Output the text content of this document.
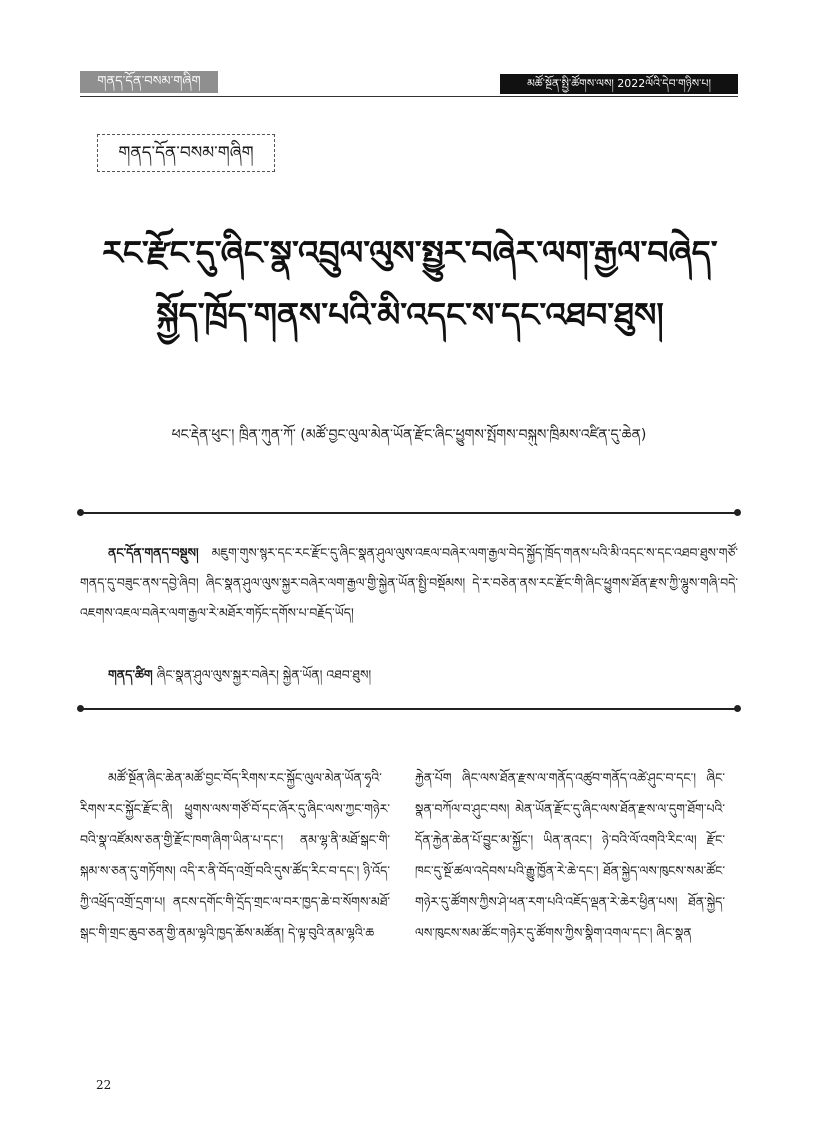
གནད་དོན་བསམ་གཞིག	མཚོ་སྔོན་སྤྱི་ཚོགས་ལས། 2022ལོའི་དེབ་གཉིས་པ།
གནད་དོན་བསམ་གཞིག
རང་རྫོང་དུ་ཞིང་སྣ་འབྲུལ་ལུས་སྤྱུར་བཞེར་ལག་རྒྱལ་བཞེད་སྐྱོད་ཁྲོད་གནས་པའི་མི་འདང་ས་དང་འཐབ་ཐུས།

ཕང་རྡེན་ཕུང་། ཁྲིན་ཀུན་ཀོ་ (མཚོ་བྱང་ལུལ་མེན་ཡོན་རྫོང་ཞིང་ཕྱུགས་སྤོགས་བསྐུས་ཁྲིམས་འཛིན་དུ་ཆེན)

ནང་དོན་གནད་བསྡུས། མཇུག་གུས་སྙར་དང་རང་རྫོང་དུ་ཞིང་སྣན་ཤུལ་ལུས་འཇལ་བཞེར་ལག་རྒྱལ་བེད་སྐྱོད་ཁྲོད་གནས་པའི་མི་འདང་ས་དང་འཐབ་ཐུས་གཙོ་གནད་དུ་བཟུང་ནས་དབྱེ་ཞིབ། ཞིང་སྣན་ཤུལ་ལུས་སྐྱར་བཞེར་ལག་རྒྱལ་གྱི་སྐྱེན་ཡོན་སྤྱི་བསྡོམས། དེ་ར་བཅེན་ནས་རང་རྫོང་གི་ཞིང་ཕྱུགས་ཐོན་རྫས་ཀྱི་ལྷུས་གཞི་བདེ་འཇགས་འཇལ་བཞེར་ལག་རྒྱལ་རེ་མཐོར་གཏོང་དགོས་པ་བརྗོད་ཡོད།

གནད་ཚིག ཞིང་སྣན་ཤུལ་ལུས་སྐྱར་བཞེར། སྐྱེན་ཡོན། འཐབ་ཐུས།

མཚོ་སྔོན་ཞིང་ཆེན་མཚོ་བྱང་བོད་རིགས་རང་སྐྱོང་ལུལ་མེན་ཡོན་ཧྭའི་རིགས་རང་སྐྱོང་རྫོང་ནི། ཕྱུགས་ལས་གཙོ་བོ་དང་ཞོར་དུ་ཞིང་ལས་ཀྱང་གཉེར་བའི་སྣ་འཛོམས་ཅན་གྱི་རྫོང་ཁག་ཞིག་ཡིན་པ་དང་། ནམ་ལྷ་ནི་མཐོ་སྒང་གི་སྐམ་ས་ཅན་དུ་གཏོགས། འདི་ར་ནི་བོད་འགྲོ་བའི་དུས་ཚོད་རིང་བ་དང་། ཉི་འོད་ཀྱི་འཕྲོད་འགྲོ་དྲག་པ། ནངས་དགོང་གི་དྲོད་གྲང་ལ་བར་ཁྱད་ཆེ་བ་སོགས་མཐོ་སྒང་གི་གྲང་ཆུབ་ཅན་གྱི་ནམ་ལྷའི་ཁྱད་ཆོས་མཚོན། དེ་ལྟ་བུའི་ནམ་ལྷའི་ཆ

རྐྱེན་པོག ཞིང་ལས་ཐོན་རྫས་ལ་གནོད་འཚུབ་གནོད་འཚེ་ཤུང་བ་དང་། ཞིང་སྣན་བཀོལ་བ་ཤུང་བས། མེན་ཡོན་རྫོང་དུ་ཞིང་ལས་ཐོན་རྫས་ལ་དུག་ཐོག་པའི་དོན་རྐྱེན་ཆེན་པོ་བྱུང་མ་སྐྱོང་། ཡིན་ནའང་། ཉེ་བའི་ལོ་འགའི་རིང་ལ། རྫོང་ཁང་དུ་སྔོ་ཚལ་འདེབས་པའི་རྒྱུ་ཁྱོན་རེ་ཆེ་དང་། ཐོན་སྐྱེད་ལས་ཁུངས་སམ་ཚོང་གཉེར་དུ་ཚོགས་ཀྱིས་ཤེ་ཕན་རག་པའི་འཇོད་ལྡན་རེ་ཆེར་ཕྱིན་པས། ཐོན་སྐྱེད་ལས་ཁུངས་སམ་ཚོང་གཉེར་དུ་ཚོགས་ཀྱིས་སྣིག་འགལ་དང་། ཞིང་སྣན

22
